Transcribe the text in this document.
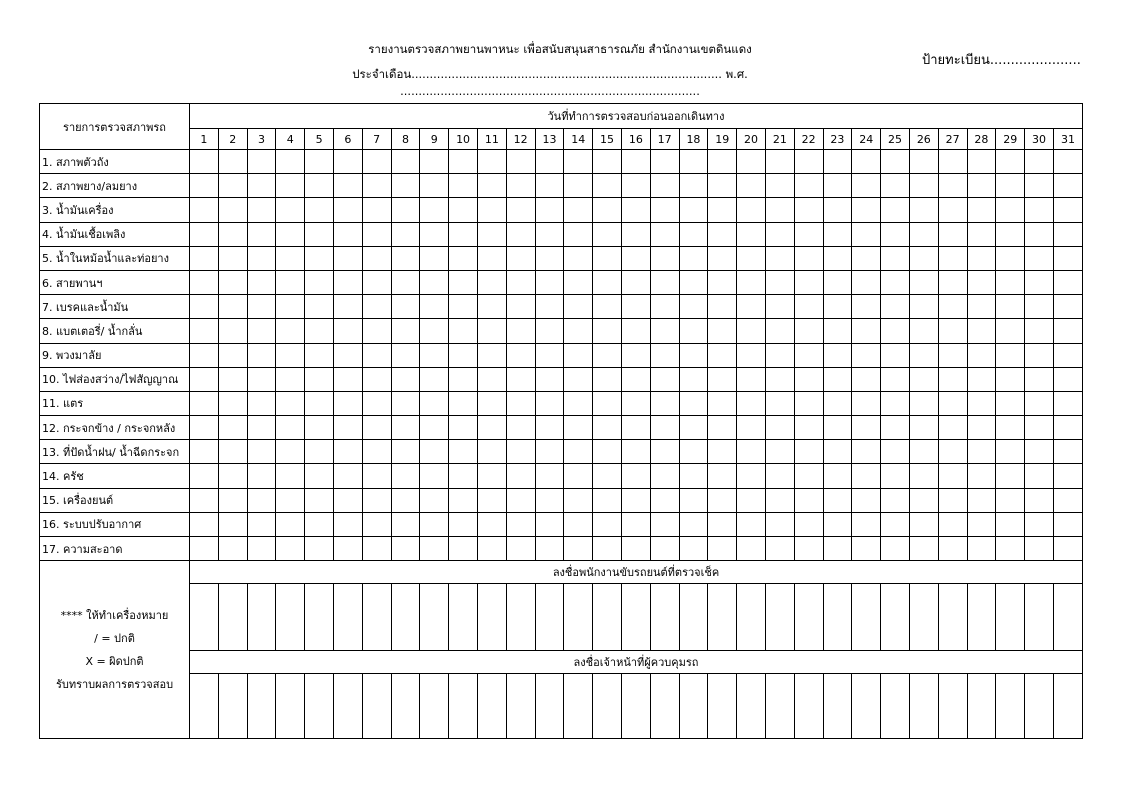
รายงานตรวจสภาพยานพาหนะ เพื่อสนับสนุนสาธารณภัย สำนักงานเขตดินแดง
ประจำเดือน..................................................................................... พ.ศ. ..................................................................................
ป้ายทะเบียน......................
รายการตรวจสภาพรถ	วันที่ทำการตรวจสอบก่อนออกเดินทาง																														
	1	2	3	4	5	6	7	8	9	10	11	12	13	14	15	16	17	18	19	20	21	22	23	24	25	26	27	28	29	30	31
1. สภาพตัวถัง																															
2. สภาพยาง/ลมยาง																															
3. น้ำมันเครื่อง																															
4. น้ำมันเชื้อเพลิง																															
5. น้ำในหม้อน้ำและท่อยาง																															
6. สายพานฯ																															
7. เบรคและน้ำมัน																															
8. แบตเตอรี่/ น้ำกลั่น																															
9. พวงมาลัย																															
10. ไฟส่องสว่าง/ไฟสัญญาณ																															
11. แตร																															
12. กระจกข้าง / กระจกหลัง																															
13. ที่ปัดน้ำฝน/ น้ำฉีดกระจก																															
14. ครัช																															
15. เครื่องยนต์																															
16. ระบบปรับอากาศ																															
17. ความสะอาด																															

**** ให้ทำเครื่องหมาย
/ = ปกติ
X = ผิดปกติ
รับทราบผลการตรวจสอบ	ลงชื่อพนักงานขับรถยนต์ที่ตรวจเช็ค																														

	ลงชื่อเจ้าหน้าที่ผู้ควบคุมรถ																														
